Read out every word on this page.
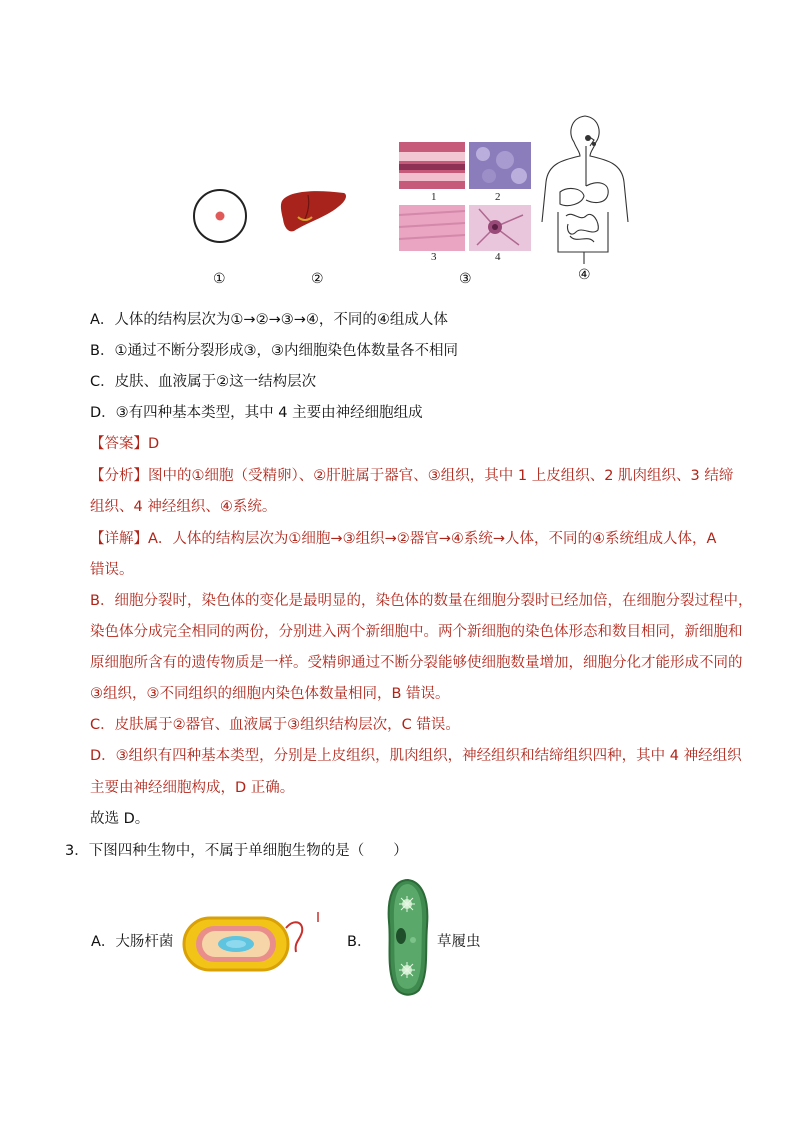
1	2
3	4
①	②	③	④
A．人体的结构层次为①→②→③→④，不同的④组成人体
B．①通过不断分裂形成③，③内细胞染色体数量各不相同
C．皮肤、血液属于②这一结构层次
D．③有四种基本类型，其中 4 主要由神经细胞组成
【答案】D
【分析】图中的①细胞（受精卵）、②肝脏属于器官、③组织，其中 1 上皮组织、2 肌肉组织、3 结缔
组织、4 神经组织、④系统。
【详解】A．人体的结构层次为①细胞→③组织→②器官→④系统→人体，不同的④系统组成人体，A
错误。
B．细胞分裂时，染色体的变化是最明显的，染色体的数量在细胞分裂时已经加倍，在细胞分裂过程中，
染色体分成完全相同的两份，分别进入两个新细胞中。两个新细胞的染色体形态和数目相同，新细胞和
原细胞所含有的遗传物质是一样。受精卵通过不断分裂能够使细胞数量增加，细胞分化才能形成不同的
③组织，③不同组织的细胞内染色体数量相同，B 错误。
C．皮肤属于②器官、血液属于③组织结构层次，C 错误。
D．③组织有四种基本类型，分别是上皮组织，肌肉组织，神经组织和结缔组织四种，其中 4 神经组织
主要由神经细胞构成，D 正确。
故选 D。
3．下图四种生物中，不属于单细胞生物的是（　　）
A．大肠杆菌	B．	草履虫
